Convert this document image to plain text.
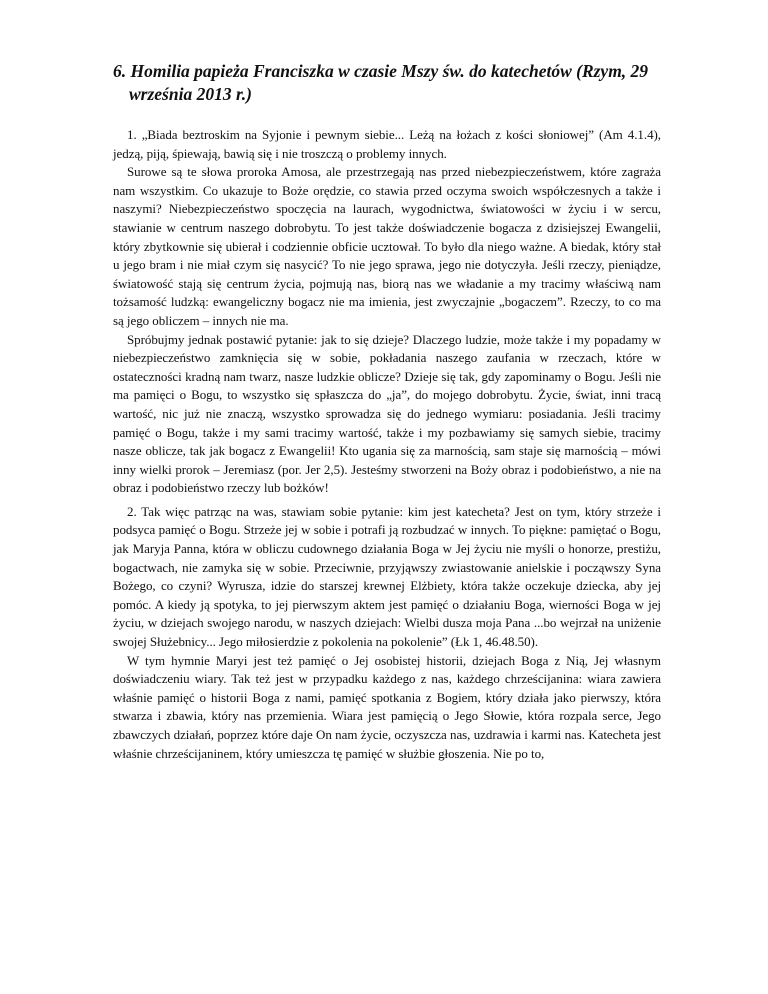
6. Homilia papieża Franciszka w czasie Mszy św. do katechetów (Rzym, 29 września 2013 r.)

1. „Biada beztroskim na Syjonie i pewnym siebie... Leżą na łożach z kości słoniowej” (Am 4.1.4), jedzą, piją, śpiewają, bawią się i nie troszczą o problemy innych.

Surowe są te słowa proroka Amosa, ale przestrzegają nas przed niebezpieczeństwem, które zagraża nam wszystkim. Co ukazuje to Boże orędzie, co stawia przed oczyma swoich współczesnych a także i naszymi? Niebezpieczeństwo spoczęcia na laurach, wygodnictwa, światowości w życiu i w sercu, stawianie w centrum naszego dobrobytu. To jest także doświadczenie bogacza z dzisiejszej Ewangelii, który zbytkownie się ubierał i codziennie obficie ucztował. To było dla niego ważne. A biedak, który stał u jego bram i nie miał czym się nasycić? To nie jego sprawa, jego nie dotyczyła. Jeśli rzeczy, pieniądze, światowość stają się centrum życia, pojmują nas, biorą nas we władanie a my tracimy właściwą nam tożsamość ludzką: ewangeliczny bogacz nie ma imienia, jest zwyczajnie „bogaczem”. Rzeczy, to co ma są jego obliczem – innych nie ma.

Spróbujmy jednak postawić pytanie: jak to się dzieje? Dlaczego ludzie, może także i my popadamy w niebezpieczeństwo zamknięcia się w sobie, pokładania naszego zaufania w rzeczach, które w ostateczności kradną nam twarz, nasze ludzkie oblicze? Dzieje się tak, gdy zapominamy o Bogu. Jeśli nie ma pamięci o Bogu, to wszystko się spłaszcza do „ja”, do mojego dobrobytu. Życie, świat, inni tracą wartość, nic już nie znaczą, wszystko sprowadza się do jednego wymiaru: posiadania. Jeśli tracimy pamięć o Bogu, także i my sami tracimy wartość, także i my pozbawiamy się samych siebie, tracimy nasze oblicze, tak jak bogacz z Ewangelii! Kto ugania się za marnością, sam staje się marnością – mówi inny wielki prorok – Jeremiasz (por. Jer 2,5). Jesteśmy stworzeni na Boży obraz i podobieństwo, a nie na obraz i podobieństwo rzeczy lub bożków!

2. Tak więc patrząc na was, stawiam sobie pytanie: kim jest katecheta? Jest on tym, który strzeże i podsyca pamięć o Bogu. Strzeże jej w sobie i potrafi ją rozbudzać w innych. To piękne: pamiętać o Bogu, jak Maryja Panna, która w obliczu cudownego działania Boga w Jej życiu nie myśli o honorze, prestiżu, bogactwach, nie zamyka się w sobie. Przeciwnie, przyjąwszy zwiastowanie anielskie i począwszy Syna Bożego, co czyni? Wyrusza, idzie do starszej krewnej Elżbiety, która także oczekuje dziecka, aby jej pomóc. A kiedy ją spotyka, to jej pierwszym aktem jest pamięć o działaniu Boga, wierności Boga w jej życiu, w dziejach swojego narodu, w naszych dziejach: Wielbi dusza moja Pana ...bo wejrzał na uniżenie swojej Służebnicy... Jego miłosierdzie z pokolenia na pokolenie” (Łk 1, 46.48.50).

W tym hymnie Maryi jest też pamięć o Jej osobistej historii, dziejach Boga z Nią, Jej własnym doświadczeniu wiary. Tak też jest w przypadku każdego z nas, każdego chrześcijanina: wiara zawiera właśnie pamięć o historii Boga z nami, pamięć spotkania z Bogiem, który działa jako pierwszy, która stwarza i zbawia, który nas przemienia. Wiara jest pamięcią o Jego Słowie, która rozpala serce, Jego zbawczych działań, poprzez które daje On nam życie, oczyszcza nas, uzdrawia i karmi nas. Katecheta jest właśnie chrześcijaninem, który umieszcza tę pamięć w służbie głoszenia. Nie po to,
